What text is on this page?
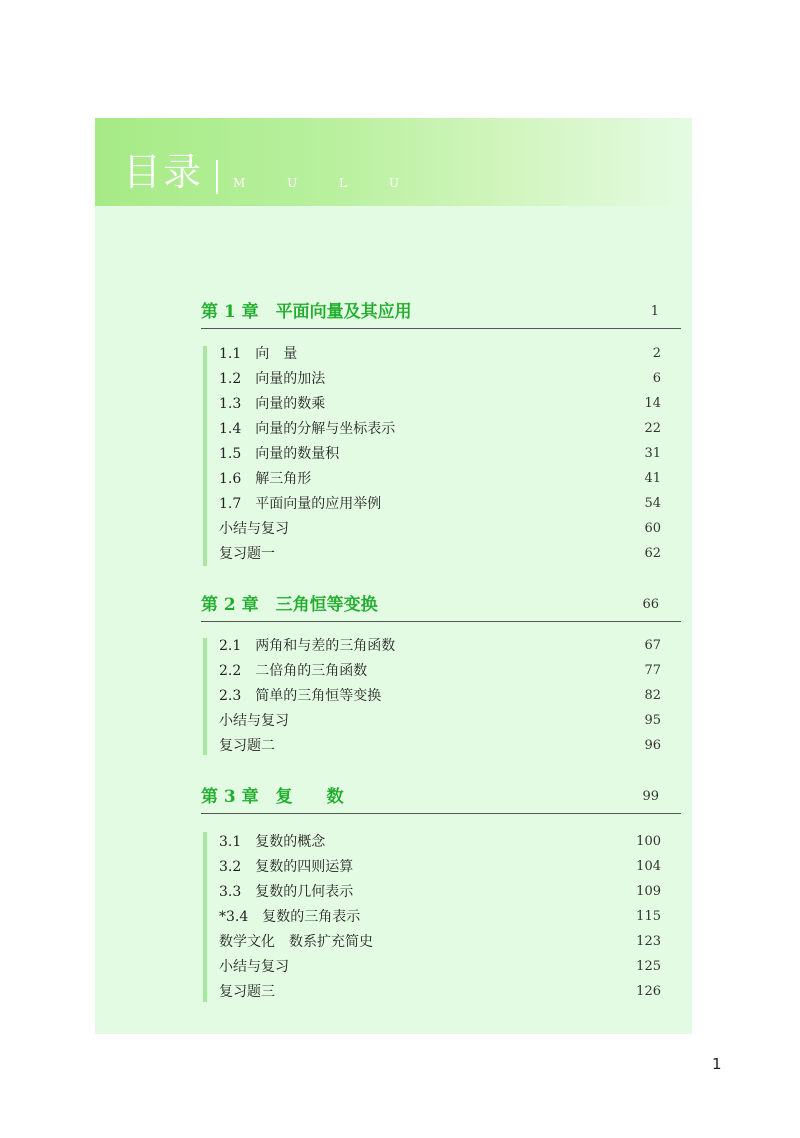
目录 M U L U
第 1 章　平面向量及其应用	1
1.1　向　量	2
1.2　向量的加法	6
1.3　向量的数乘	14
1.4　向量的分解与坐标表示	22
1.5　向量的数量积	31
1.6　解三角形	41
1.7　平面向量的应用举例	54
小结与复习	60
复习题一	62
第 2 章　三角恒等变换	66
2.1　两角和与差的三角函数	67
2.2　二倍角的三角函数	77
2.3　简单的三角恒等变换	82
小结与复习	95
复习题二	96
第 3 章　复　　数	99
3.1　复数的概念	100
3.2　复数的四则运算	104
3.3　复数的几何表示	109
*3.4　复数的三角表示	115
数学文化　数系扩充简史	123
小结与复习	125
复习题三	126
1
